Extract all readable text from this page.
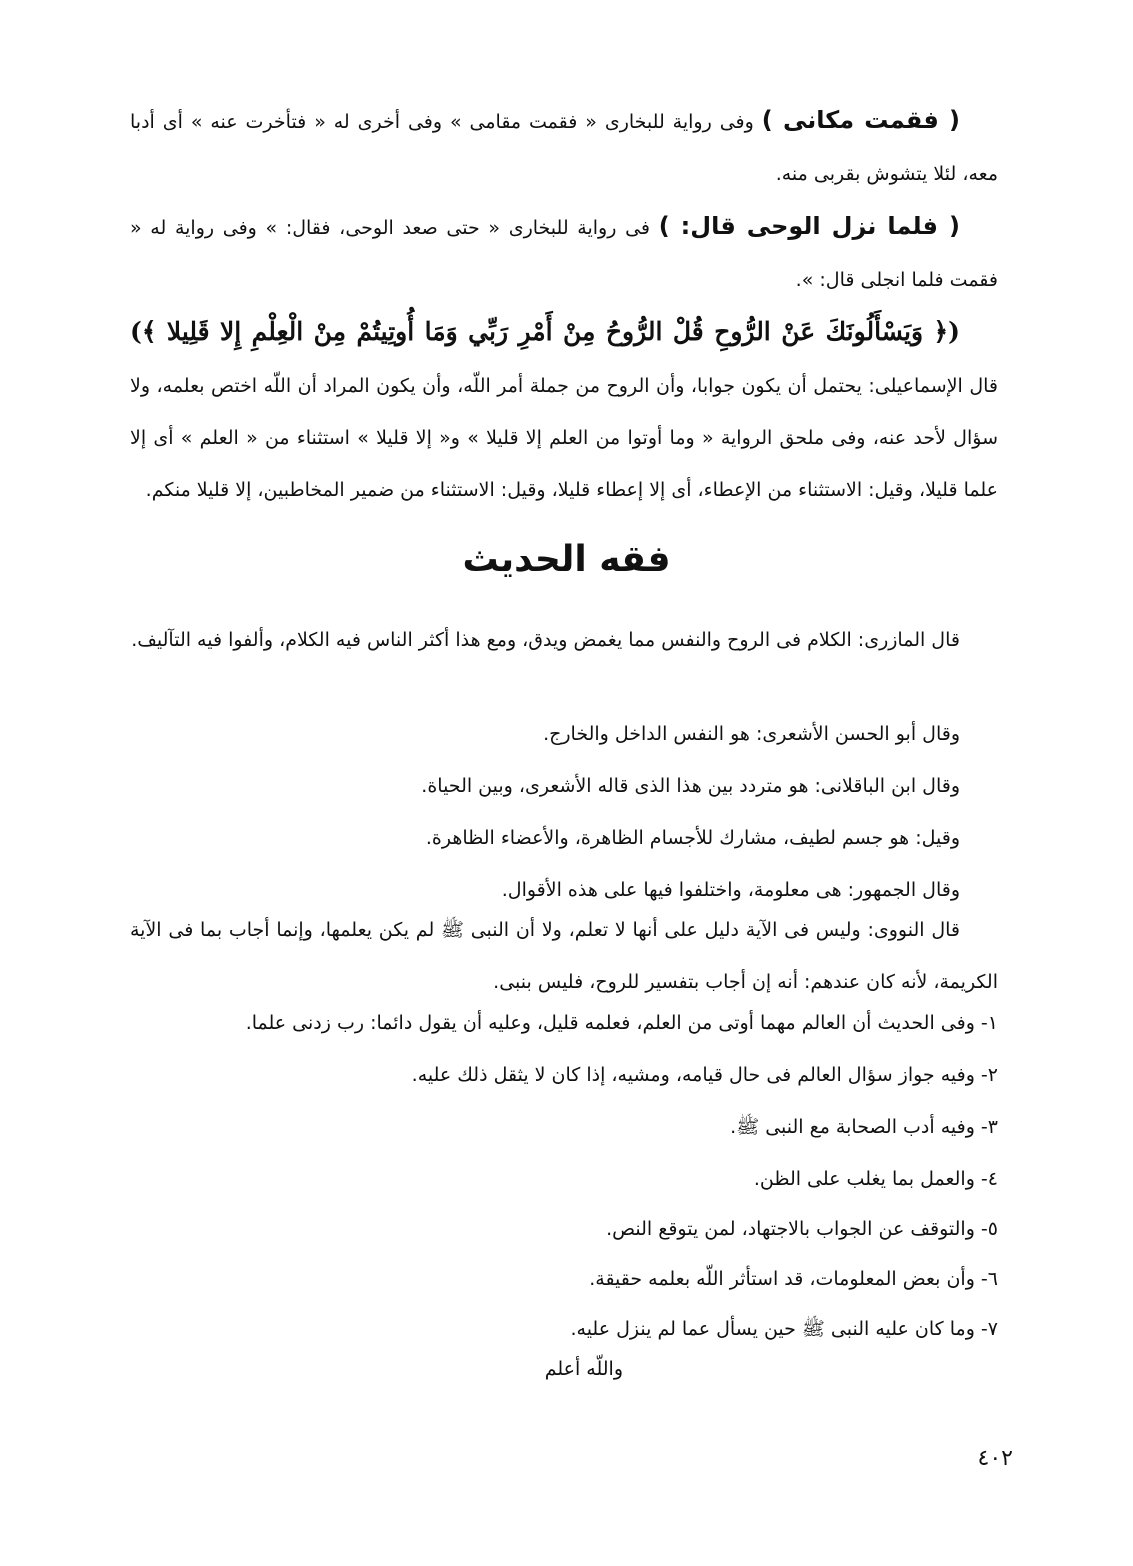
( فقمت مكانى ) وفى رواية للبخارى « فقمت مقامى » وفى أخرى له « فتأخرت عنه » أى أدبا معه، لئلا يتشوش بقربى منه.

( فلما نزل الوحى قال: ) فى رواية للبخارى « حتى صعد الوحى، فقال: » وفى رواية له « فقمت فلما انجلى قال: ».

(﴿ وَيَسْأَلُونَكَ عَنْ الرُّوحِ قُلْ الرُّوحُ مِنْ أَمْرِ رَبِّي وَمَا أُوتِيتُمْ مِنْ الْعِلْمِ إِلا قَلِيلا ﴾) قال الإسماعيلى: يحتمل أن يكون جوابا، وأن الروح من جملة أمر اللّه، وأن يكون المراد أن اللّه اختص بعلمه، ولا سؤال لأحد عنه، وفى ملحق الرواية « وما أوتوا من العلم إلا قليلا » و« إلا قليلا » استثناء من « العلم » أى إلا علما قليلا، وقيل: الاستثناء من الإعطاء، أى إلا إعطاء قليلا، وقيل: الاستثناء من ضمير المخاطبين، إلا قليلا منكم.

فقه الحديث

قال المازرى: الكلام فى الروح والنفس مما يغمض ويدق، ومع هذا أكثر الناس فيه الكلام، وألفوا فيه التآليف.

وقال أبو الحسن الأشعرى: هو النفس الداخل والخارج.
وقال ابن الباقلانى: هو متردد بين هذا الذى قاله الأشعرى، وبين الحياة.
وقيل: هو جسم لطيف، مشارك للأجسام الظاهرة، والأعضاء الظاهرة.
وقال الجمهور: هى معلومة، واختلفوا فيها على هذه الأقوال.

قال النووى: وليس فى الآية دليل على أنها لا تعلم، ولا أن النبى ﷺ لم يكن يعلمها، وإنما أجاب بما فى الآية الكريمة، لأنه كان عندهم: أنه إن أجاب بتفسير للروح، فليس بنبى.

١- وفى الحديث أن العالم مهما أوتى من العلم، فعلمه قليل، وعليه أن يقول دائما: رب زدنى علما.
٢- وفيه جواز سؤال العالم فى حال قيامه، ومشيه، إذا كان لا يثقل ذلك عليه.
٣- وفيه أدب الصحابة مع النبى ﷺ.
٤- والعمل بما يغلب على الظن.
٥- والتوقف عن الجواب بالاجتهاد، لمن يتوقع النص.
٦- وأن بعض المعلومات، قد استأثر اللّه بعلمه حقيقة.
٧- وما كان عليه النبى ﷺ حين يسأل عما لم ينزل عليه.
واللّه أعلم
٤٠٢
